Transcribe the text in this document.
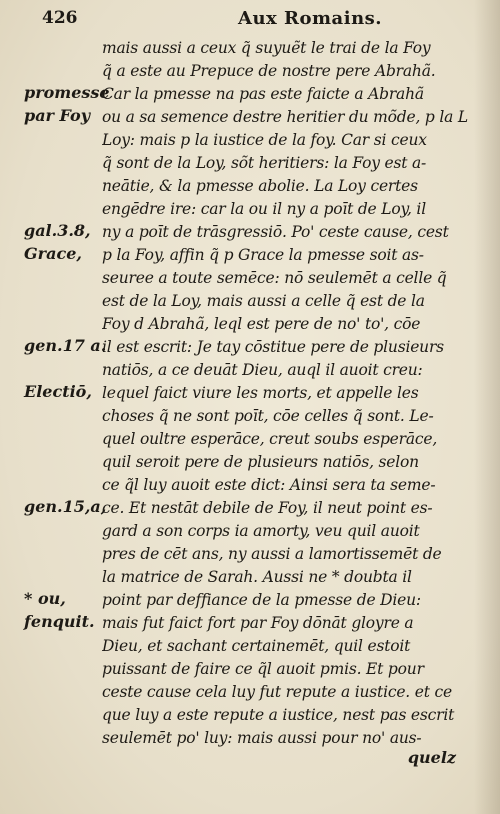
426	Aux Romains.
mais aussi a ceux q̃ suyuẽt le trai de la Foy
q̃ a este au Prepuce de nostre pere Abrahã.
Car la pmesse na pas este faicte a Abrahã
ou a sa semence destre heritier du mõde, p la L
Loy: mais p la iustice de la foy. Car si ceux
q̃ sont de la Loy, sõt heritiers: la Foy est a-
neātie, & la pmesse abolie. La Loy certes
engēdre ire: car la ou il ny a poīt de Loy, il
ny a poīt de trāsgressiō. Po' ceste cause, cest
p la Foy, affin q̃ p Grace la pmesse soit as-
seuree a toute semēce: nō seulemēt a celle q̃
est de la Loy, mais aussi a celle q̃ est de la
Foy d Abrahã, leql est pere de no' to', cōe
il est escrit: Je tay cōstitue pere de plusieurs
natiōs, a ce deuāt Dieu, auql il auoit creu:
lequel faict viure les morts, et appelle les
choses q̃ ne sont poīt, cōe celles q̃ sont. Le-
quel oultre esperāce, creut soubs esperāce,
quil seroit pere de plusieurs natiōs, selon
ce q̃l luy auoit este dict: Ainsi sera ta seme-
ce. Et nestāt debile de Foy, il neut point es-
gard a son corps ia amorty, veu quil auoit
pres de cēt ans, ny aussi a lamortissemēt de
la matrice de Sarah. Aussi ne * doubta il
point par deffiance de la pmesse de Dieu:
mais fut faict fort par Foy dōnāt gloyre a
Dieu, et sachant certainemēt, quil estoit
puissant de faire ce q̃l auoit pmis. Et pour
ceste cause cela luy fut repute a iustice. et ce
que luy a este repute a iustice, nest pas escrit
seulemēt po' luy: mais aussi pour no' aus-
promesse
par Foy
gal.3.8,
Grace,
gen.17 a.
Electiō,
gen.15,a,
* ou,
fenquit.
quelz
